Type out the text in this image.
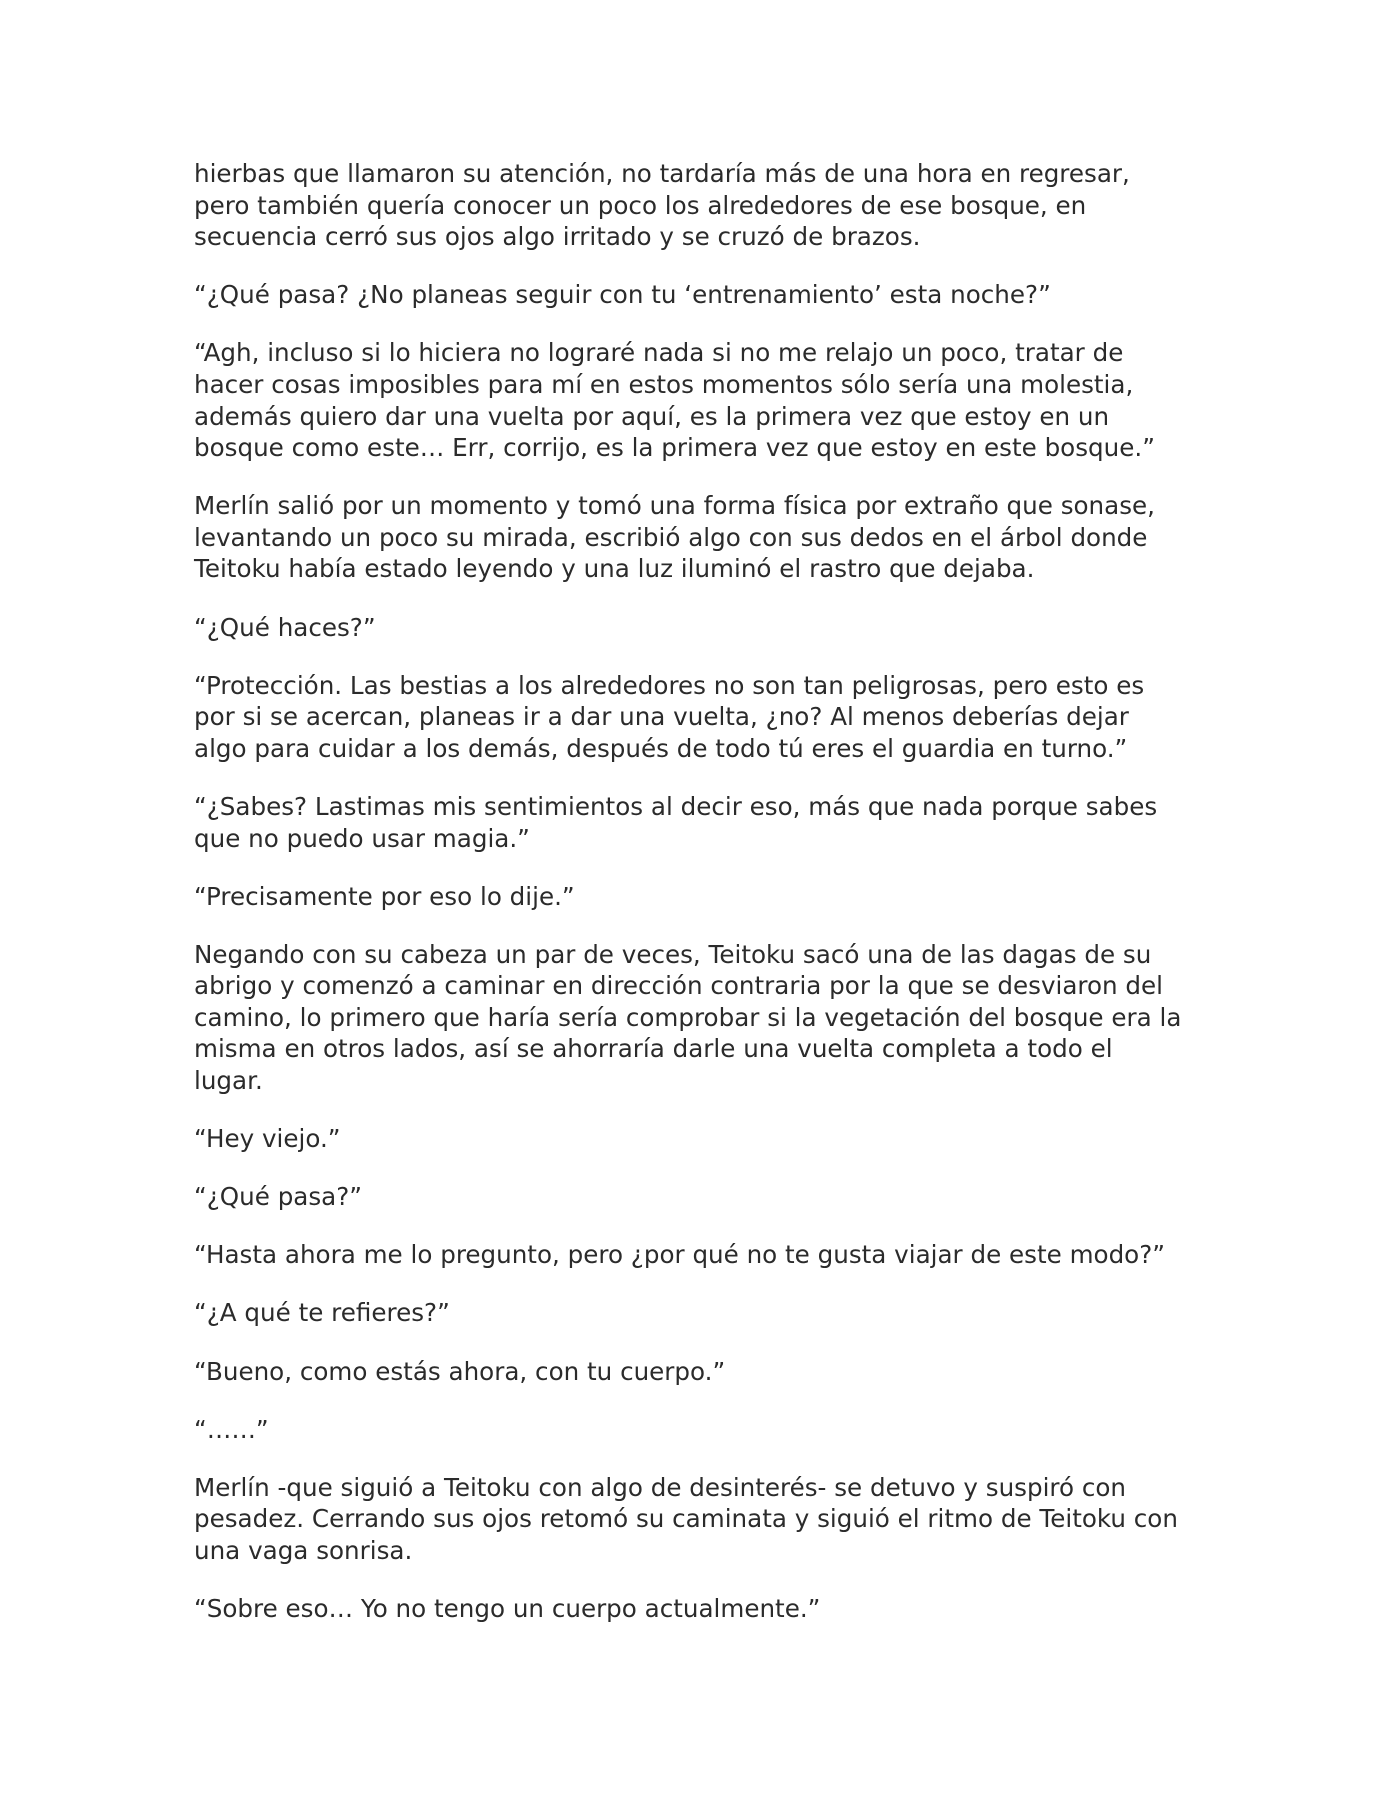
hierbas que llamaron su atención, no tardaría más de una hora en regresar,
pero también quería conocer un poco los alrededores de ese bosque, en
secuencia cerró sus ojos algo irritado y se cruzó de brazos.

“¿Qué pasa? ¿No planeas seguir con tu ‘entrenamiento’ esta noche?”

“Agh, incluso si lo hiciera no lograré nada si no me relajo un poco, tratar de
hacer cosas imposibles para mí en estos momentos sólo sería una molestia,
además quiero dar una vuelta por aquí, es la primera vez que estoy en un
bosque como este… Err, corrijo, es la primera vez que estoy en este bosque.”

Merlín salió por un momento y tomó una forma física por extraño que sonase,
levantando un poco su mirada, escribió algo con sus dedos en el árbol donde
Teitoku había estado leyendo y una luz iluminó el rastro que dejaba.

“¿Qué haces?”

“Protección. Las bestias a los alrededores no son tan peligrosas, pero esto es
por si se acercan, planeas ir a dar una vuelta, ¿no? Al menos deberías dejar
algo para cuidar a los demás, después de todo tú eres el guardia en turno.”

“¿Sabes? Lastimas mis sentimientos al decir eso, más que nada porque sabes
que no puedo usar magia.”

“Precisamente por eso lo dije.”

Negando con su cabeza un par de veces, Teitoku sacó una de las dagas de su
abrigo y comenzó a caminar en dirección contraria por la que se desviaron del
camino, lo primero que haría sería comprobar si la vegetación del bosque era la
misma en otros lados, así se ahorraría darle una vuelta completa a todo el
lugar.

“Hey viejo.”

“¿Qué pasa?”

“Hasta ahora me lo pregunto, pero ¿por qué no te gusta viajar de este modo?”

“¿A qué te refieres?”

“Bueno, como estás ahora, con tu cuerpo.”

“……”

Merlín -que siguió a Teitoku con algo de desinterés- se detuvo y suspiró con
pesadez. Cerrando sus ojos retomó su caminata y siguió el ritmo de Teitoku con
una vaga sonrisa.

“Sobre eso… Yo no tengo un cuerpo actualmente.”
